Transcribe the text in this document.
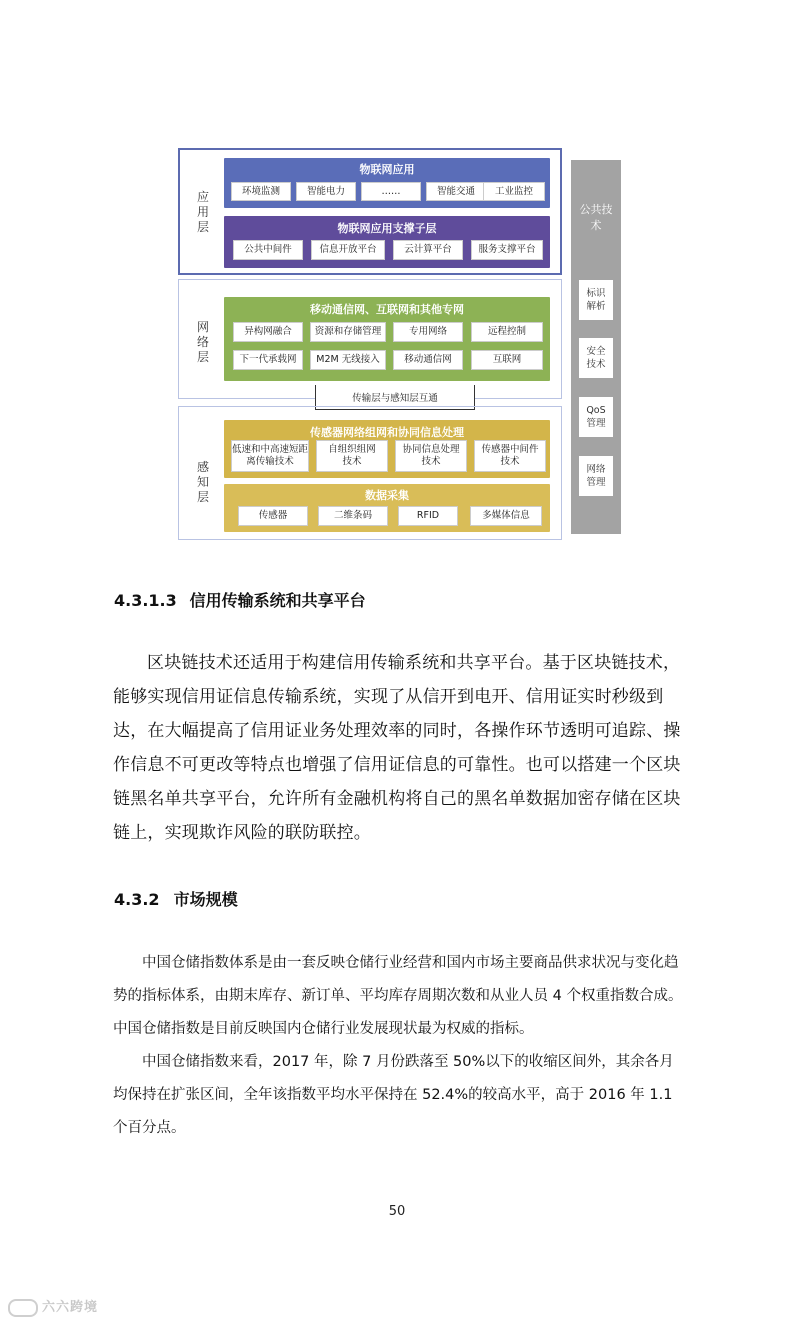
应用层
物联网应用
环境监测	智能电力	……	智能交通	工业监控
物联网应用支撑子层
公共中间件	信息开放平台	云计算平台	服务支撑平台
网络层
移动通信网、互联网和其他专网
异构网融合	资源和存储管理	专用网络	远程控制
下一代承载网	M2M 无线接入	移动通信网	互联网
传输层与感知层互通
感知层
传感器网络组网和协同信息处理
低速和中高速短距离传输技术
自组织组网技术
协同信息处理技术
传感器中间件技术
数据采集
传感器	二维条码	RFID	多媒体信息
公共技术
标识解析
安全技术
QoS管理
网络管理
4.3.1.3 信用传输系统和共享平台

区块链技术还适用于构建信用传输系统和共享平台。基于区块链技术，能够实现信用证信息传输系统，实现了从信开到电开、信用证实时秒级到达，在大幅提高了信用证业务处理效率的同时，各操作环节透明可追踪、操作信息不可更改等特点也增强了信用证信息的可靠性。也可以搭建一个区块链黑名单共享平台，允许所有金融机构将自己的黑名单数据加密存储在区块链上，实现欺诈风险的联防联控。

4.3.2 市场规模

中国仓储指数体系是由一套反映仓储行业经营和国内市场主要商品供求状况与变化趋势的指标体系，由期末库存、新订单、平均库存周期次数和从业人员 4 个权重指数合成。中国仓储指数是目前反映国内仓储行业发展现状最为权威的指标。

中国仓储指数来看，2017 年，除 7 月份跌落至 50%以下的收缩区间外，其余各月均保持在扩张区间，全年该指数平均水平保持在 52.4%的较高水平，高于 2016 年 1.1 个百分点。

50
六六跨境
